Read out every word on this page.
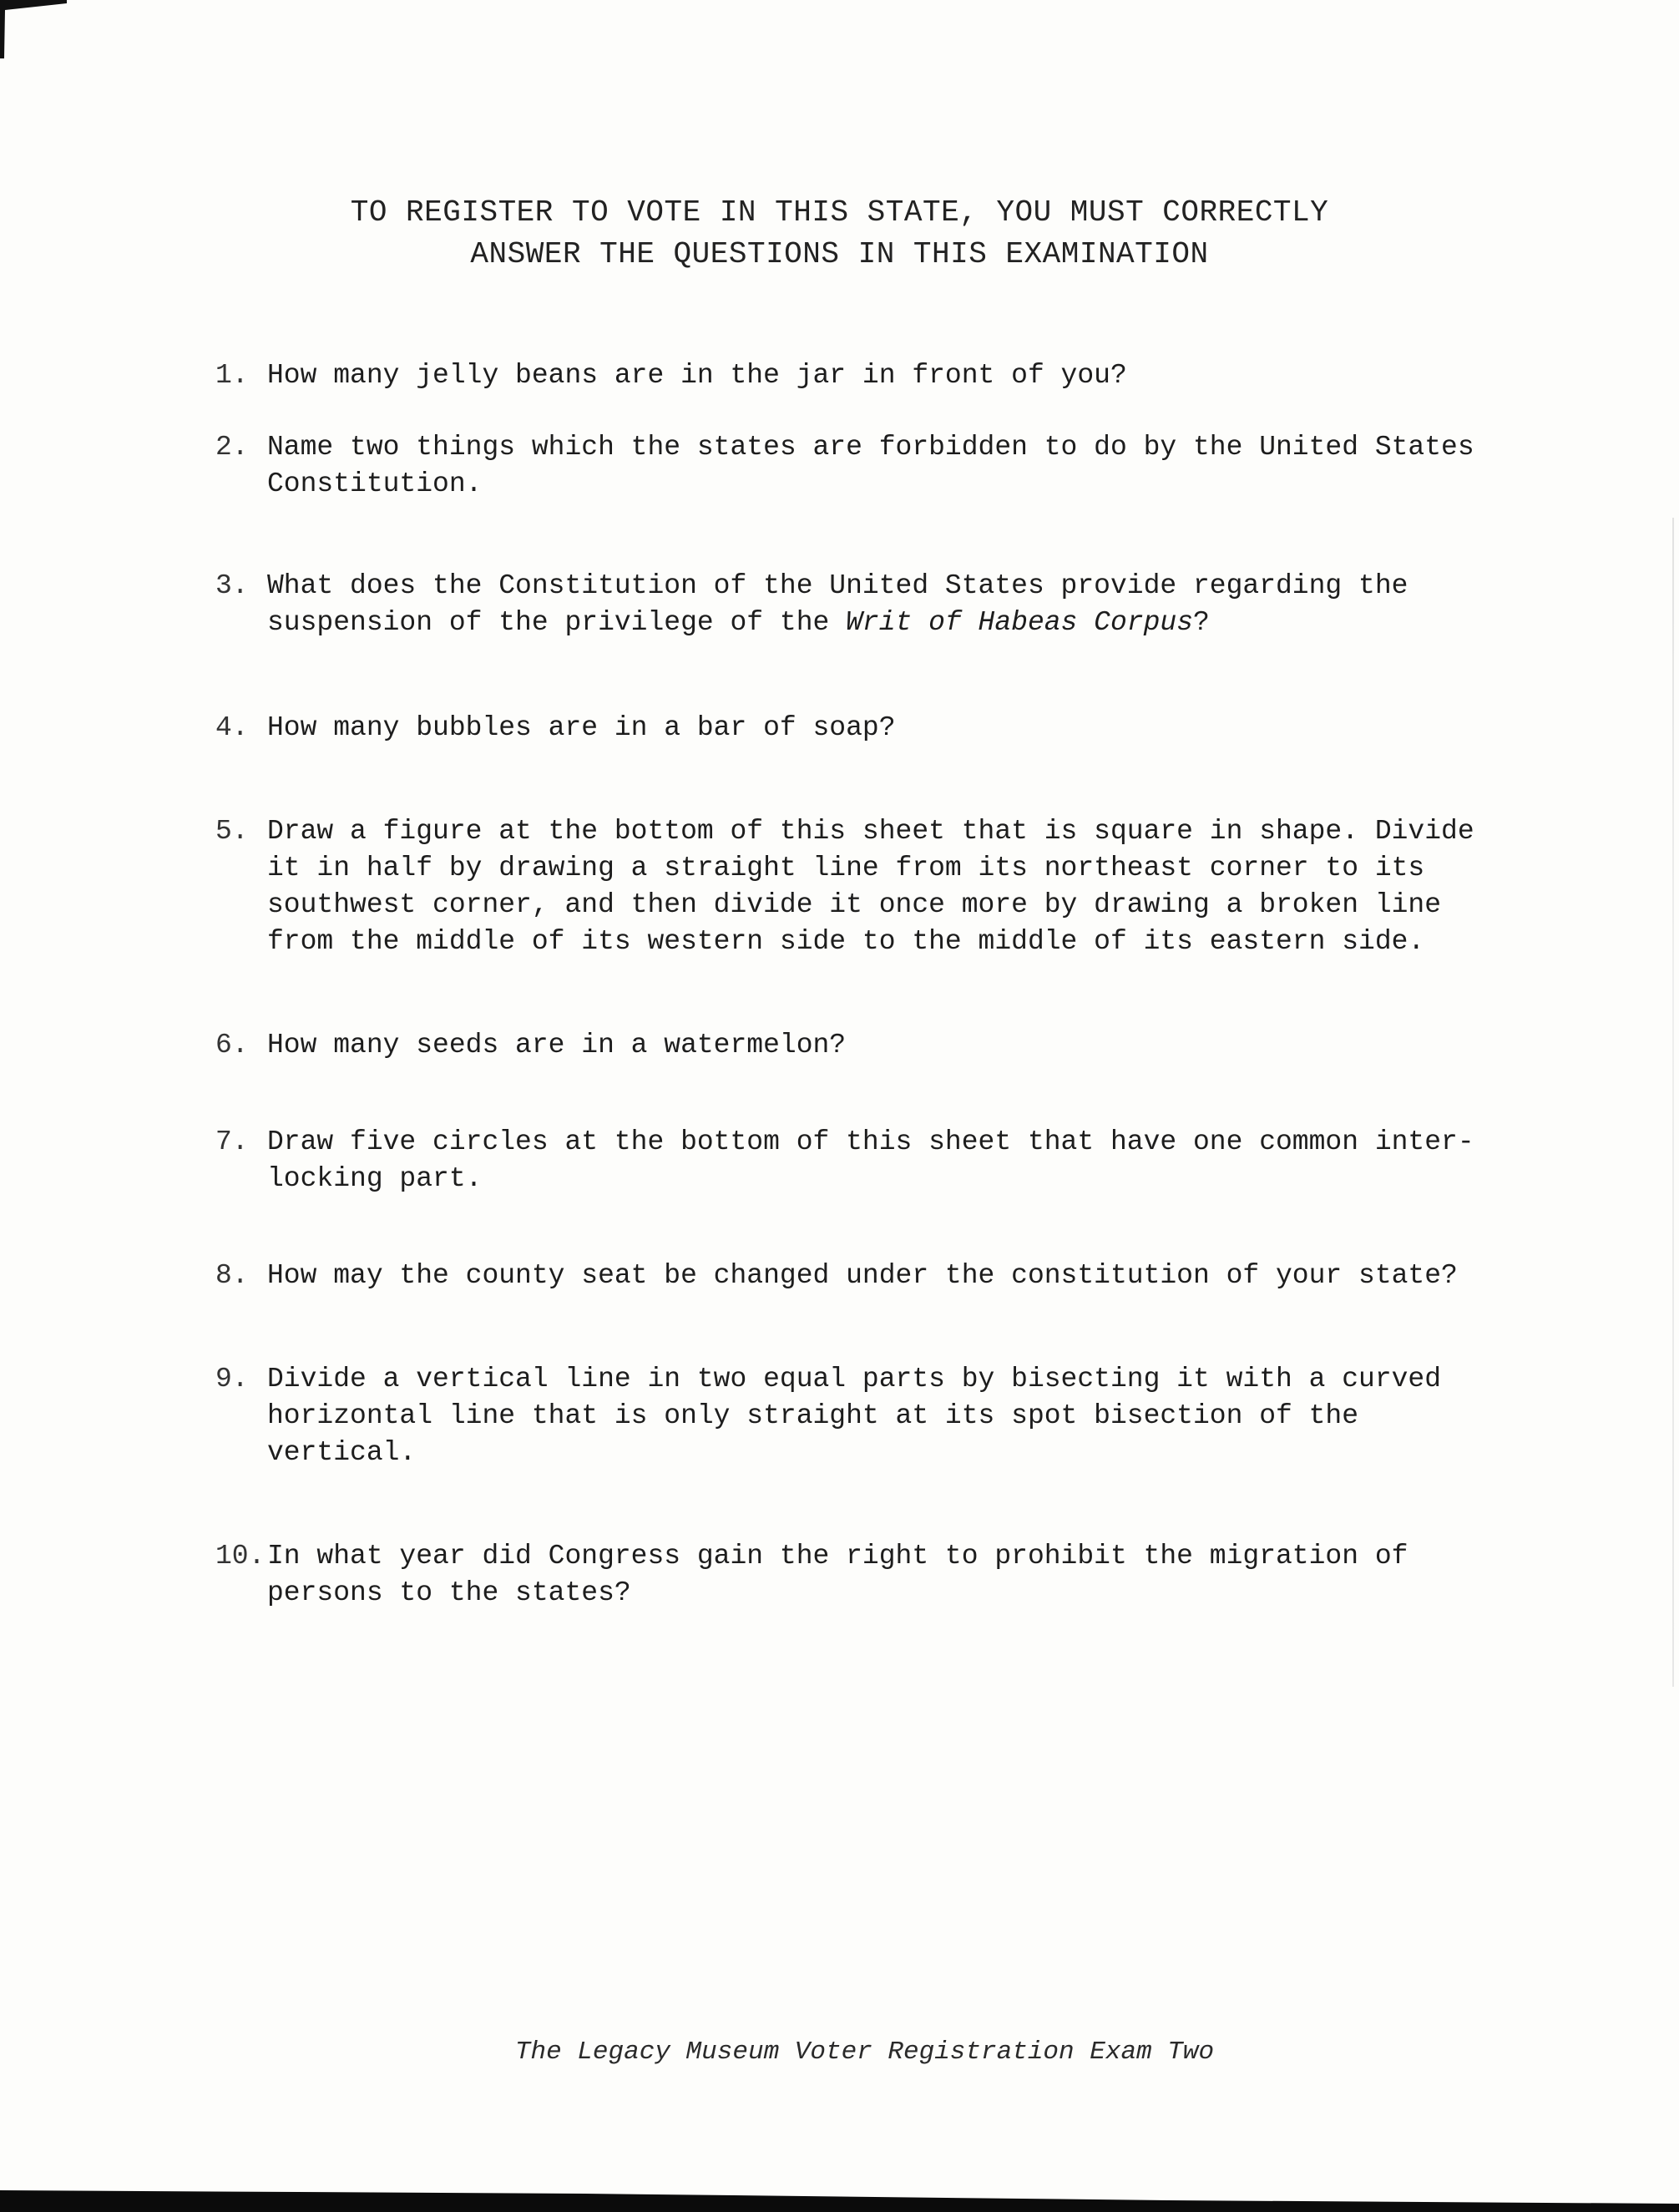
TO REGISTER TO VOTE IN THIS STATE, YOU MUST CORRECTLY
ANSWER THE QUESTIONS IN THIS EXAMINATION
1. How many jelly beans are in the jar in front of you?
2. Name two things which the states are forbidden to do by the United States Constitution.
3. What does the Constitution of the United States provide regarding the suspension of the privilege of the Writ of Habeas Corpus?
4. How many bubbles are in a bar of soap?
5. Draw a figure at the bottom of this sheet that is square in shape. Divide it in half by drawing a straight line from its northeast corner to its southwest corner, and then divide it once more by drawing a broken line from the middle of its western side to the middle of its eastern side.
6. How many seeds are in a watermelon?
7. Draw five circles at the bottom of this sheet that have one common inter-locking part.
8. How may the county seat be changed under the constitution of your state?
9. Divide a vertical line in two equal parts by bisecting it with a curved horizontal line that is only straight at its spot bisection of the vertical.
10. In what year did Congress gain the right to prohibit the migration of persons to the states?
The Legacy Museum Voter Registration Exam Two
